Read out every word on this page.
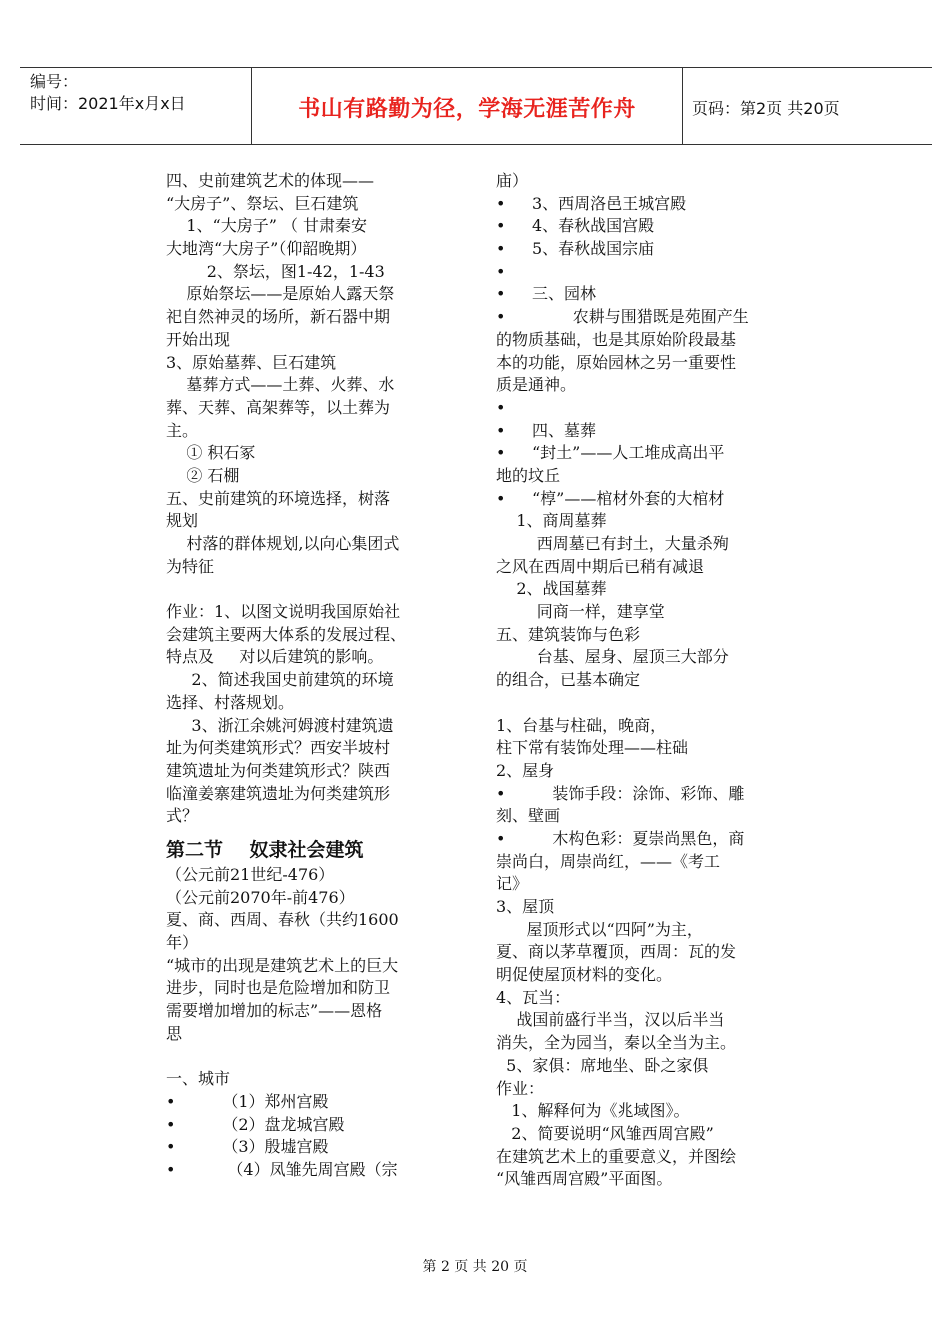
编号：
时间：2021年x月x日	书山有路勤为径，学海无涯苦作舟	页码：第2页 共20页
四、史前建筑艺术的体现——
“大房子”、祭坛、巨石建筑
1、“大房子” （ 甘肃秦安
大地湾“大房子”（仰韶晚期）
2、祭坛，图1-42，1-43
原始祭坛——是原始人露天祭
祀自然神灵的场所，新石器中期
开始出现
3、原始墓葬、巨石建筑
墓葬方式——土葬、火葬、水
葬、天葬、高架葬等，以土葬为
主。
① 积石冢
② 石棚
五、史前建筑的环境选择，树落
规划
村落的群体规划,以向心集团式
为特征
作业：1、以图文说明我国原始社
会建筑主要两大体系的发展过程、
特点及     对以后建筑的影响。
2、简述我国史前建筑的环境
选择、村落规划。
3、浙江余姚河姆渡村建筑遗
址为何类建筑形式？西安半坡村
建筑遗址为何类建筑形式？陕西
临潼姜寨建筑遗址为何类建筑形
式？
第二节    奴隶社会建筑
（公元前21世纪-476）
（公元前2070年-前476）
夏、商、西周、春秋（共约1600
年）
“城市的出现是建筑艺术上的巨大
进步，同时也是危险增加和防卫
需要增加增加的标志”——恩格
思
一、城市
•    （1）郑州宫殿
•    （2）盘龙城宫殿
•    （3）殷墟宫殿
•     （4）凤雏先周宫殿（宗
庙）
• 3、西周洛邑王城宫殿
• 4、春秋战国宫殿
• 5、春秋战国宗庙
•
• 三、园林
•        农耕与围猎既是苑囿产生
的物质基础，也是其原始阶段最基
本的功能，原始园林之另一重要性
质是通神。
•
• 四、墓葬
• “封土”——人工堆成高出平
地的坟丘
• “椁”——棺材外套的大棺材
1、商周墓葬
西周墓已有封土，大量杀殉
之风在西周中期后已稍有减退
2、战国墓葬
同商一样，建享堂
五、建筑装饰与色彩
台基、屋身、屋顶三大部分
的组合，已基本确定
1、台基与柱础，晚商，
柱下常有装饰处理——柱础
2、屋身
•    装饰手段：涂饰、彩饰、雕
刻、壁画
•    木构色彩：夏崇尚黑色，商
崇尚白，周崇尚红，——《考工
记》
3、屋顶
屋顶形式以“四阿”为主，
夏、商以茅草覆顶，西周：瓦的发
明促使屋顶材料的变化。
4、瓦当：
战国前盛行半当，汉以后半当
消失，全为园当，秦以全当为主。
5、家俱：席地坐、卧之家俱
作业：
1、解释何为《兆域图》。
2、简要说明“风雏西周宫殿”
在建筑艺术上的重要意义，并图绘
“风雏西周宫殿”平面图。
第 2 页 共 20 页
